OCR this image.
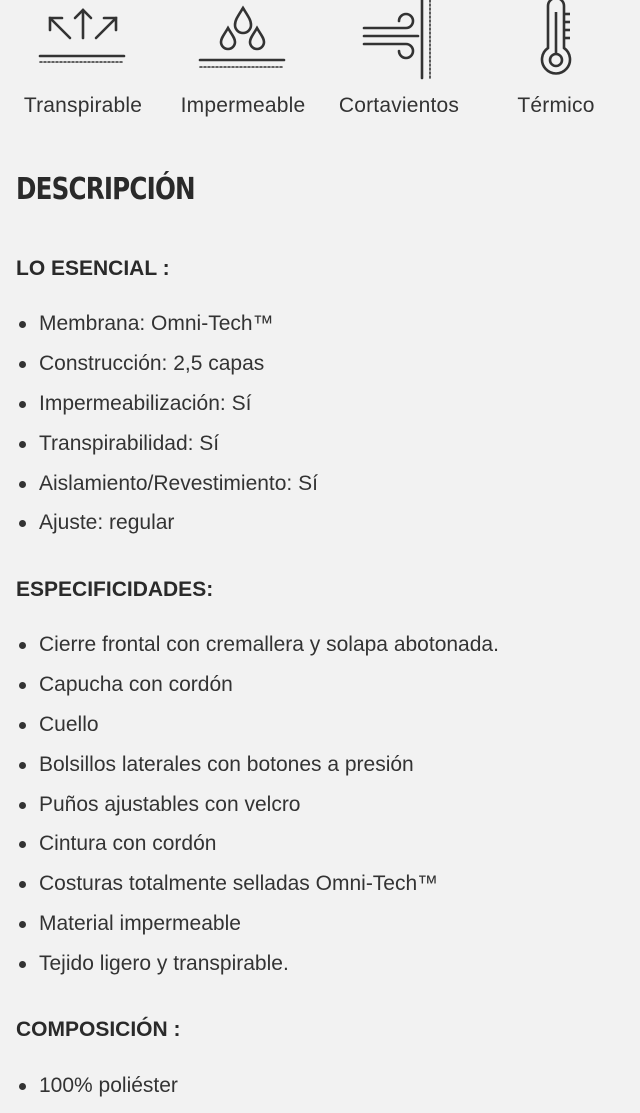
Transpirable	Impermeable	Cortavientos	Térmico
DESCRIPCIÓN
LO ESENCIAL :
Membrana: Omni-Tech™
Construcción: 2,5 capas
Impermeabilización: Sí
Transpirabilidad: Sí
Aislamiento/Revestimiento: Sí
Ajuste: regular
ESPECIFICIDADES:
Cierre frontal con cremallera y solapa abotonada.
Capucha con cordón
Cuello
Bolsillos laterales con botones a presión
Puños ajustables con velcro
Cintura con cordón
Costuras totalmente selladas Omni-Tech™
Material impermeable
Tejido ligero y transpirable.
COMPOSICIÓN :
100% poliéster
